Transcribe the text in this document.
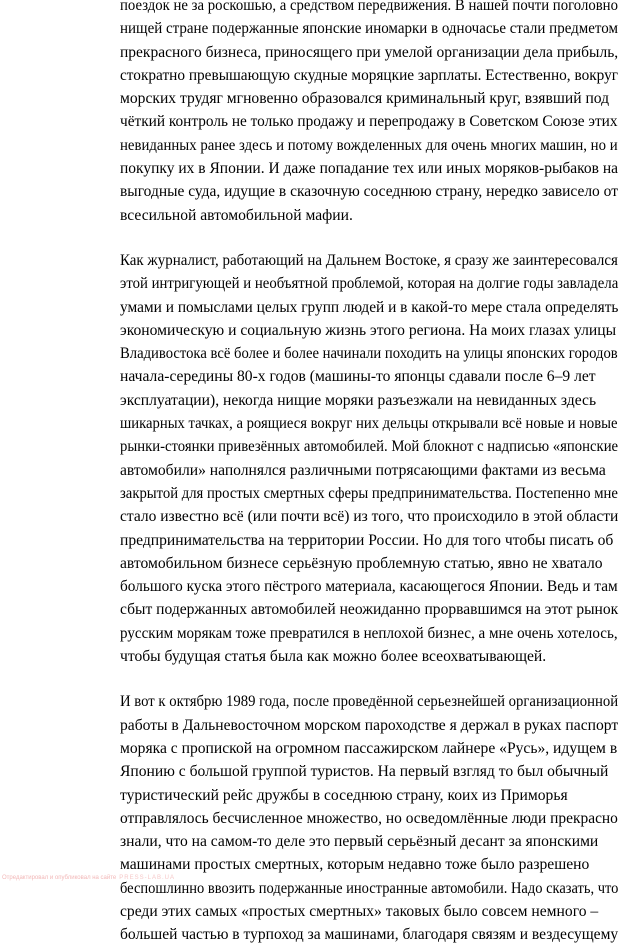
поездок не за роскошью, а средством передвижения. В нашей почти поголовно
нищей стране подержанные японские иномарки в одночасье стали предметом
прекрасного бизнеса, приносящего при умелой организации дела прибыль,
стократно превышающую скудные моряцкие зарплаты. Естественно, вокруг
морских трудяг мгновенно образовался криминальный круг, взявший под
чёткий контроль не только продажу и перепродажу в Советском Союзе этих
невиданных ранее здесь и потому вожделенных для очень многих машин, но и
покупку их в Японии. И даже попадание тех или иных моряков-рыбаков на
выгодные суда, идущие в сказочную соседнюю страну, нередко зависело от
всесильной автомобильной мафии.

Как журналист, работающий на Дальнем Востоке, я сразу же заинтересовался
этой интригующей и необъятной проблемой, которая на долгие годы завладела
умами и помыслами целых групп людей и в какой-то мере стала определять
экономическую и социальную жизнь этого региона. На моих глазах улицы
Владивостока всё более и более начинали походить на улицы японских городов
начала-середины 80-х годов (машины-то японцы сдавали после 6–9 лет
эксплуатации), некогда нищие моряки разъезжали на невиданных здесь
шикарных тачках, а роящиеся вокруг них дельцы открывали всё новые и новые
рынки-стоянки привезённых автомобилей. Мой блокнот с надписью «японские
автомобили» наполнялся различными потрясающими фактами из весьма
закрытой для простых смертных сферы предпринимательства. Постепенно мне
стало известно всё (или почти всё) из того, что происходило в этой области
предпринимательства на территории России. Но для того чтобы писать об
автомобильном бизнесе серьёзную проблемную статью, явно не хватало
большого куска этого пёстрого материала, касающегося Японии. Ведь и там
сбыт подержанных автомобилей неожиданно прорвавшимся на этот рынок
русским морякам тоже превратился в неплохой бизнес, а мне очень хотелось,
чтобы будущая статья была как можно более всеохватывающей.

И вот к октябрю 1989 года, после проведённой серьезнейшей организационной
работы в Дальневосточном морском пароходстве я держал в руках паспорт
моряка с пропиской на огромном пассажирском лайнере «Русь», идущем в
Японию с большой группой туристов. На первый взгляд то был обычный
туристический рейс дружбы в соседнюю страну, коих из Приморья
отправлялось бесчисленное множество, но осведомлённые люди прекрасно
знали, что на самом-то деле это первый серьёзный десант за японскими
машинами простых смертных, которым недавно тоже было разрешено
беспошлинно ввозить подержанные иностранные автомобили. Надо сказать, что
среди этих самых «простых смертных» таковых было совсем немного –
большей частью в турпоход за машинами, благодаря связям и вездесущему

Отредактировал и опубликовал на сайте PRESS-LAB.UA
